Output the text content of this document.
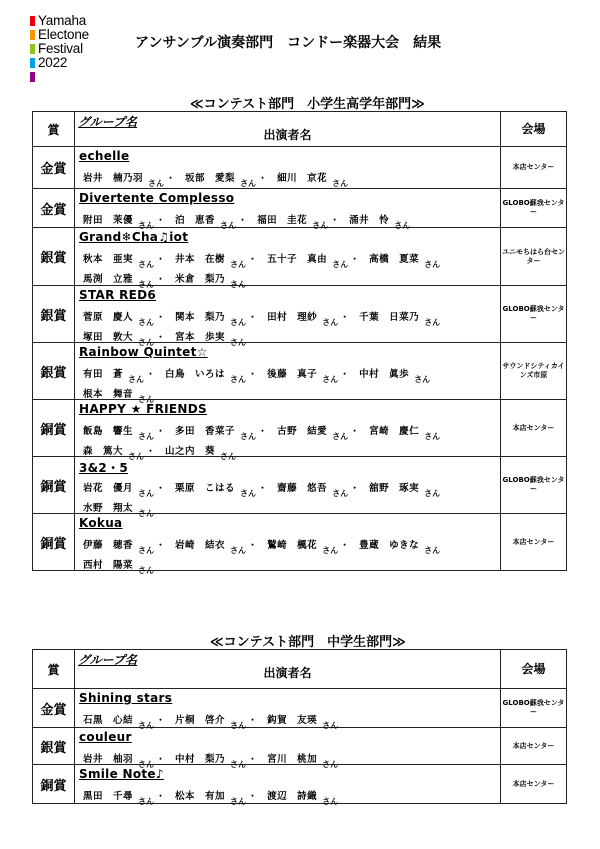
Yamaha
Electone
Festival
2022
アンサンブル演奏部門　コンドー楽器大会　結果
≪コンテスト部門　小学生高学年部門≫
賞	グループ名
出演者名	会場
金賞	echelle
岩井　楠乃羽 $_{さん}$ ・ 坂部　愛梨 $_{さん}$ ・ 細川　京花 $_{さん}$	本店センター
金賞	Divertente Complesso
附田　茉優 $_{さん}$ ・ 泊　恵香 $_{さん}$ ・ 福田　圭花 $_{さん}$ ・ 涌井　怜 $_{さん}$	GLOBO蘇我センター
銀賞	Grand❄Cha♫iot
秋本　亜実 $_{さん}$ ・ 井本　在樹 $_{さん}$ ・ 五十子　真由 $_{さん}$ ・ 高橋　夏菜 $_{さん}$
馬渕　立雅 $_{さん}$ ・ 米倉　梨乃 $_{さん}$	ユニモちはら台センター
銀賞	STAR RED6
菅原　慶人 $_{さん}$ ・ 関本　梨乃 $_{さん}$ ・ 田村　理紗 $_{さん}$ ・ 千葉　日菜乃 $_{さん}$
塚田　敦大 $_{さん}$ ・ 宮本　歩実 $_{さん}$	GLOBO蘇我センター
銀賞	Rainbow Quintet☆
有田　蒼 $_{さん}$ ・ 白鳥　いろは $_{さん}$ ・ 後藤　真子 $_{さん}$ ・ 中村　眞歩 $_{さん}$
根本　舞音 $_{さん}$	サウンドシティカインズ市原
銅賞	HAPPY ★ FRIENDS
飯島　響生 $_{さん}$ ・ 多田　香菜子 $_{さん}$ ・ 古野　結愛 $_{さん}$ ・ 宮崎　慶仁 $_{さん}$
森　篤大 $_{さん}$ ・ 山之内　葵 $_{さん}$	本店センター
銅賞	3&2・5
岩花　優月 $_{さん}$ ・ 栗原　こはる $_{さん}$ ・ 齋藤　悠吾 $_{さん}$ ・ 舘野　琢実 $_{さん}$
水野　翔太 $_{さん}$	GLOBO蘇我センター
銅賞	Kokua
伊藤　穂香 $_{さん}$ ・ 岩崎　結衣 $_{さん}$ ・ 鷲崎　楓花 $_{さん}$ ・ 豊蔵　ゆきな $_{さん}$
西村　陽菜 $_{さん}$	本店センター
≪コンテスト部門　中学生部門≫
賞	グループ名
出演者名	会場
金賞	Shining stars
石黒　心結 $_{さん}$ ・ 片桐　啓介 $_{さん}$ ・ 鈎賀　友瑛 $_{さん}$	GLOBO蘇我センター
銀賞	couleur
岩井　柚羽 $_{さん}$ ・ 中村　梨乃 $_{さん}$ ・ 宮川　桃加 $_{さん}$	本店センター
銅賞	Smile Note♪
黒田　千尋 $_{さん}$ ・ 松本　有加 $_{さん}$ ・ 渡辺　詩織 $_{さん}$	本店センター
